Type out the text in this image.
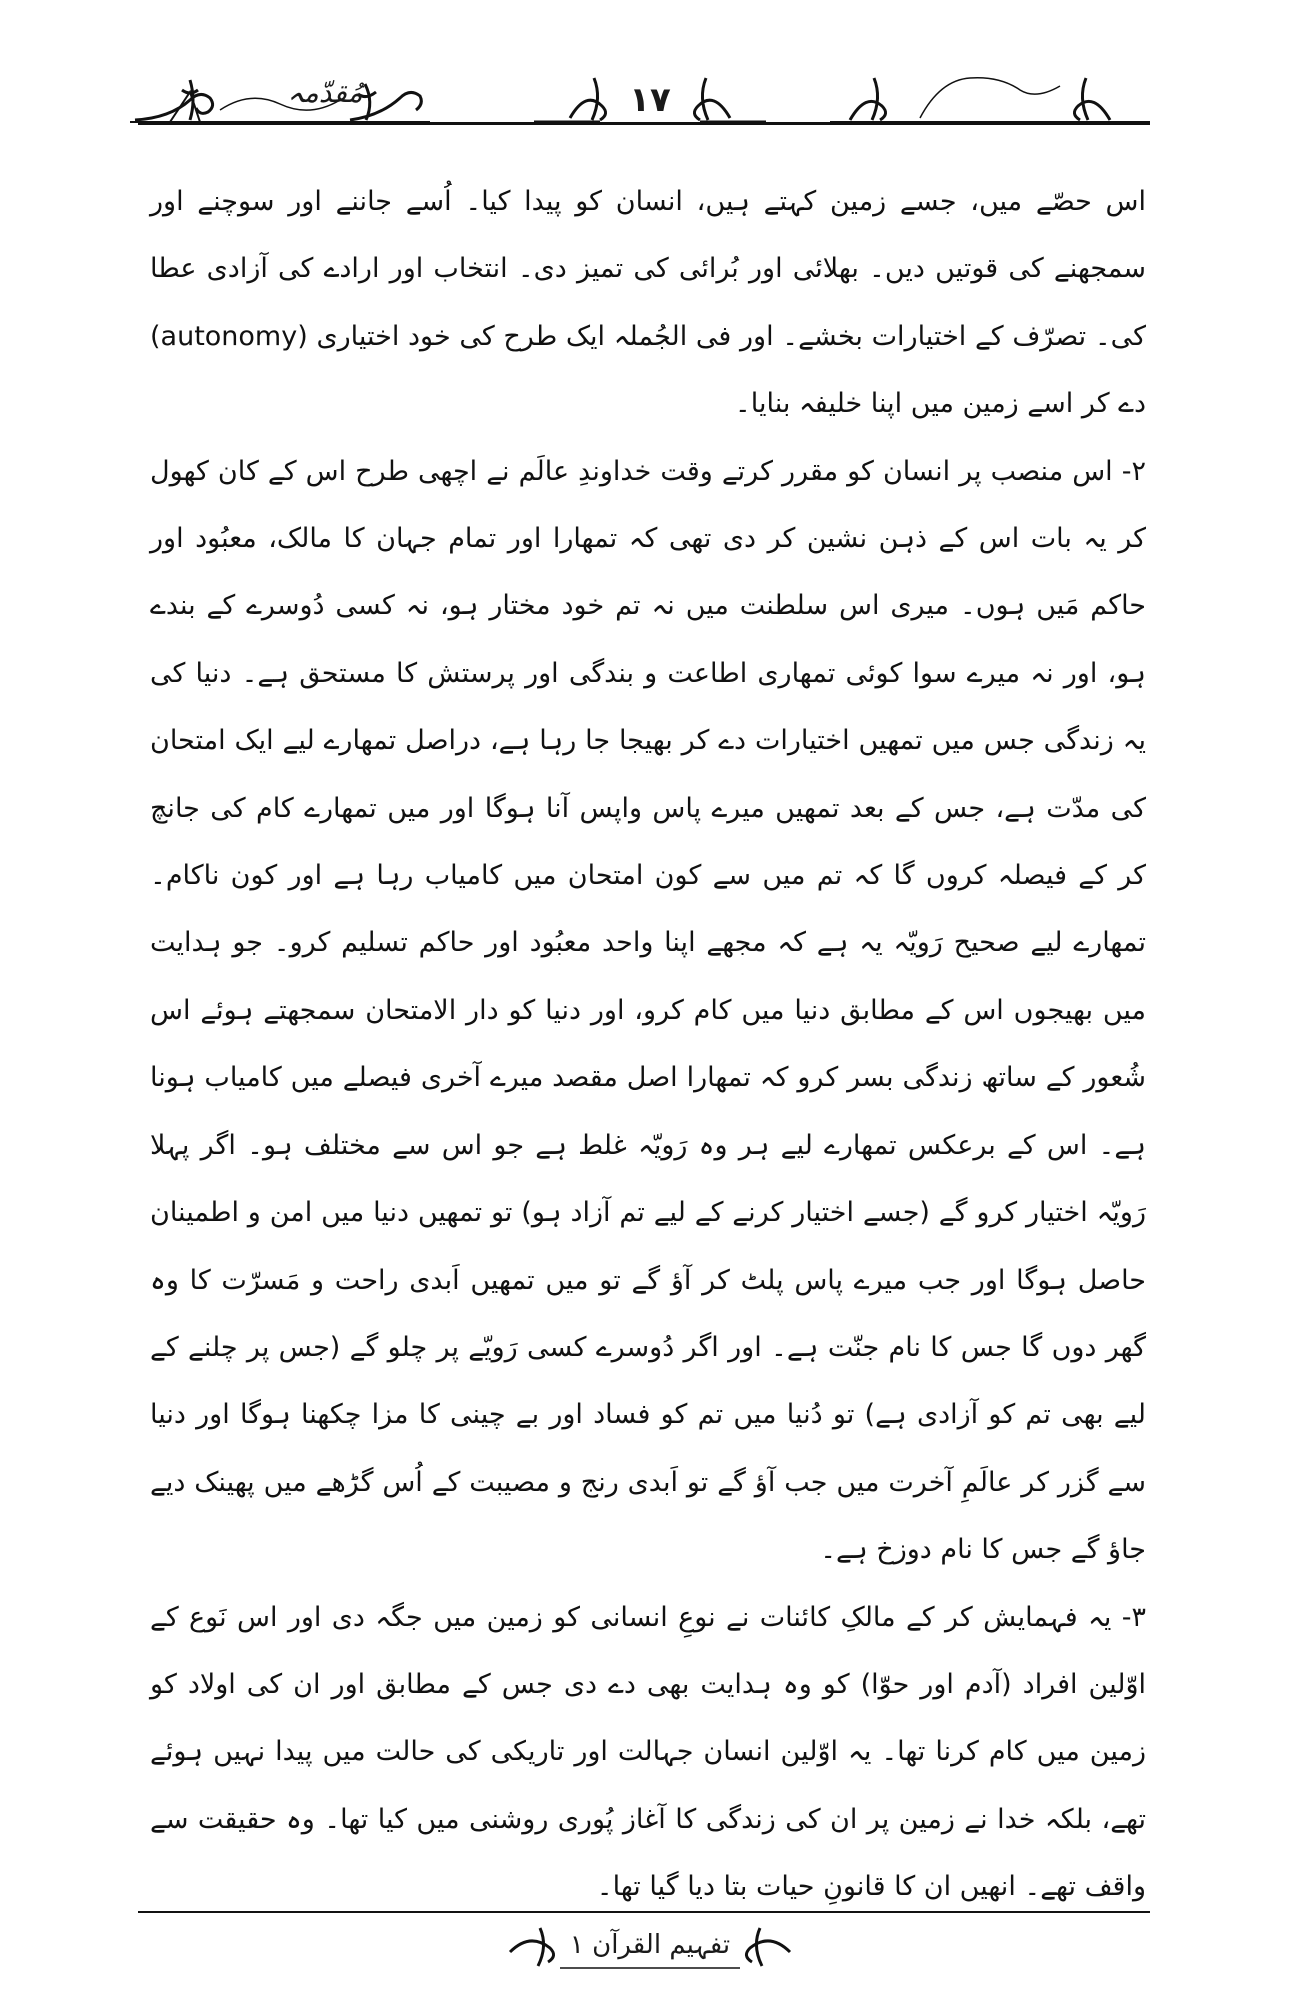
مُقدّمہ	١٧

اس حصّے میں، جسے زمین کہتے ہیں، انسان کو پیدا کیا۔ اُسے جاننے اور سوچنے اور سمجھنے کی قوتیں دیں۔ بھلائی اور بُرائی کی تمیز دی۔ انتخاب اور ارادے کی آزادی عطا کی۔ تصرّف کے اختیارات بخشے۔ اور فی الجُملہ ایک طرح کی خود اختیاری (autonomy) دے کر اسے زمین میں اپنا خلیفہ بنایا۔

۲- اس منصب پر انسان کو مقرر کرتے وقت خداوندِ عالَم نے اچھی طرح اس کے کان کھول کر یہ بات اس کے ذہن نشین کر دی تھی کہ تمھارا اور تمام جہان کا مالک، معبُود اور حاکم مَیں ہوں۔ میری اس سلطنت میں نہ تم خود مختار ہو، نہ کسی دُوسرے کے بندے ہو، اور نہ میرے سوا کوئی تمھاری اطاعت و بندگی اور پرستش کا مستحق ہے۔ دنیا کی یہ زندگی جس میں تمھیں اختیارات دے کر بھیجا جا رہا ہے، دراصل تمھارے لیے ایک امتحان کی مدّت ہے، جس کے بعد تمھیں میرے پاس واپس آنا ہوگا اور میں تمھارے کام کی جانچ کر کے فیصلہ کروں گا کہ تم میں سے کون امتحان میں کامیاب رہا ہے اور کون ناکام۔ تمھارے لیے صحیح رَویّہ یہ ہے کہ مجھے اپنا واحد معبُود اور حاکم تسلیم کرو۔ جو ہدایت میں بھیجوں اس کے مطابق دنیا میں کام کرو، اور دنیا کو دار الامتحان سمجھتے ہوئے اس شُعور کے ساتھ زندگی بسر کرو کہ تمھارا اصل مقصد میرے آخری فیصلے میں کامیاب ہونا ہے۔ اس کے برعکس تمھارے لیے ہر وہ رَویّہ غلط ہے جو اس سے مختلف ہو۔ اگر پہلا رَویّہ اختیار کرو گے (جسے اختیار کرنے کے لیے تم آزاد ہو) تو تمھیں دنیا میں امن و اطمینان حاصل ہوگا اور جب میرے پاس پلٹ کر آؤ گے تو میں تمھیں اَبدی راحت و مَسرّت کا وہ گھر دوں گا جس کا نام جنّت ہے۔ اور اگر دُوسرے کسی رَویّے پر چلو گے (جس پر چلنے کے لیے بھی تم کو آزادی ہے) تو دُنیا میں تم کو فساد اور بے چینی کا مزا چکھنا ہوگا اور دنیا سے گزر کر عالَمِ آخرت میں جب آؤ گے تو اَبدی رنج و مصیبت کے اُس گڑھے میں پھینک دیے جاؤ گے جس کا نام دوزخ ہے۔

۳- یہ فہمایش کر کے مالکِ کائنات نے نوعِ انسانی کو زمین میں جگہ دی اور اس نَوع کے اوّلین افراد (آدم اور حوّا) کو وہ ہدایت بھی دے دی جس کے مطابق اور ان کی اولاد کو زمین میں کام کرنا تھا۔ یہ اوّلین انسان جہالت اور تاریکی کی حالت میں پیدا نہیں ہوئے تھے، بلکہ خدا نے زمین پر ان کی زندگی کا آغاز پُوری روشنی میں کیا تھا۔ وہ حقیقت سے واقف تھے۔ انھیں ان کا قانونِ حیات بتا دیا گیا تھا۔

تفہیم القرآن ١
